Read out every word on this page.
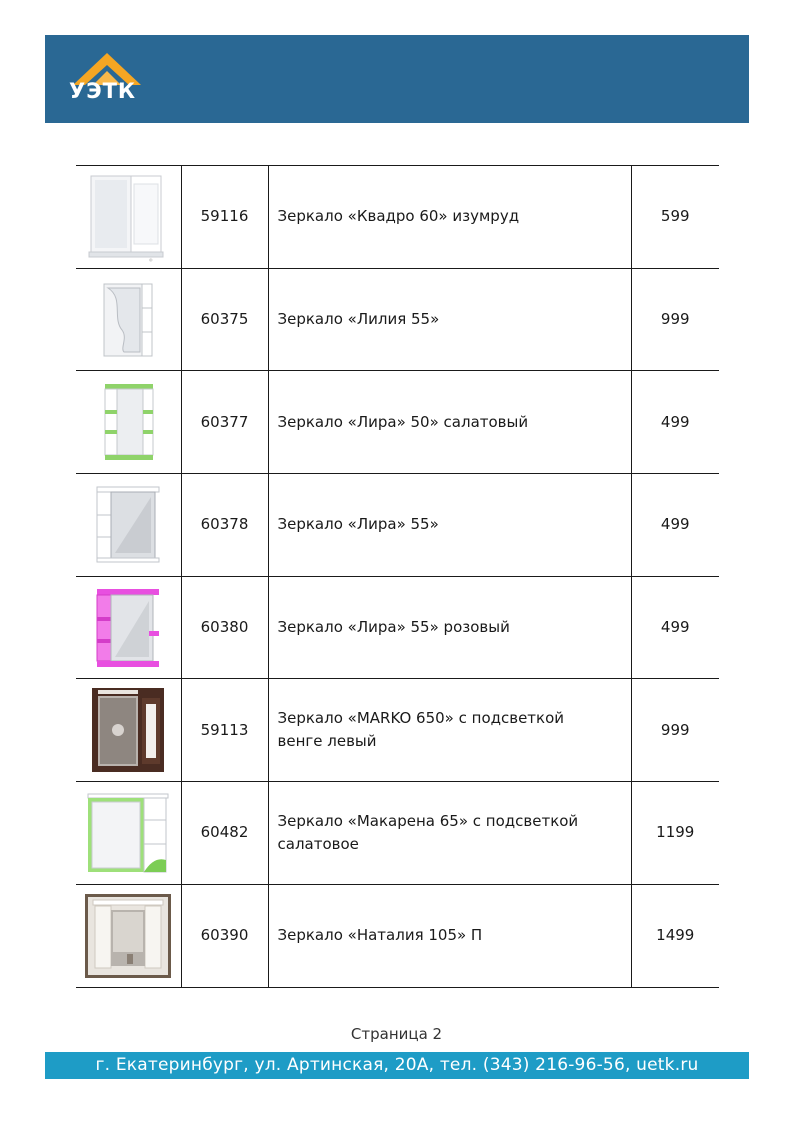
УЭТК
◎	59116	Зеркало «Квадро 60» изумруд	599
	60375	Зеркало «Лилия 55»	999
	60377	Зеркало «Лира» 50» салатовый	499
	60378	Зеркало «Лира» 55»	499
	60380	Зеркало «Лира» 55» розовый	499
	59113	Зеркало «MARKO 650» с подсветкой венге левый	999
	60482	Зеркало «Макарена 65» с подсветкой салатовое	1199
	60390	Зеркало «Наталия 105» П	1499
Страница 2
г. Екатеринбург, ул. Артинская, 20А, тел. (343) 216-96-56, uetk.ru
